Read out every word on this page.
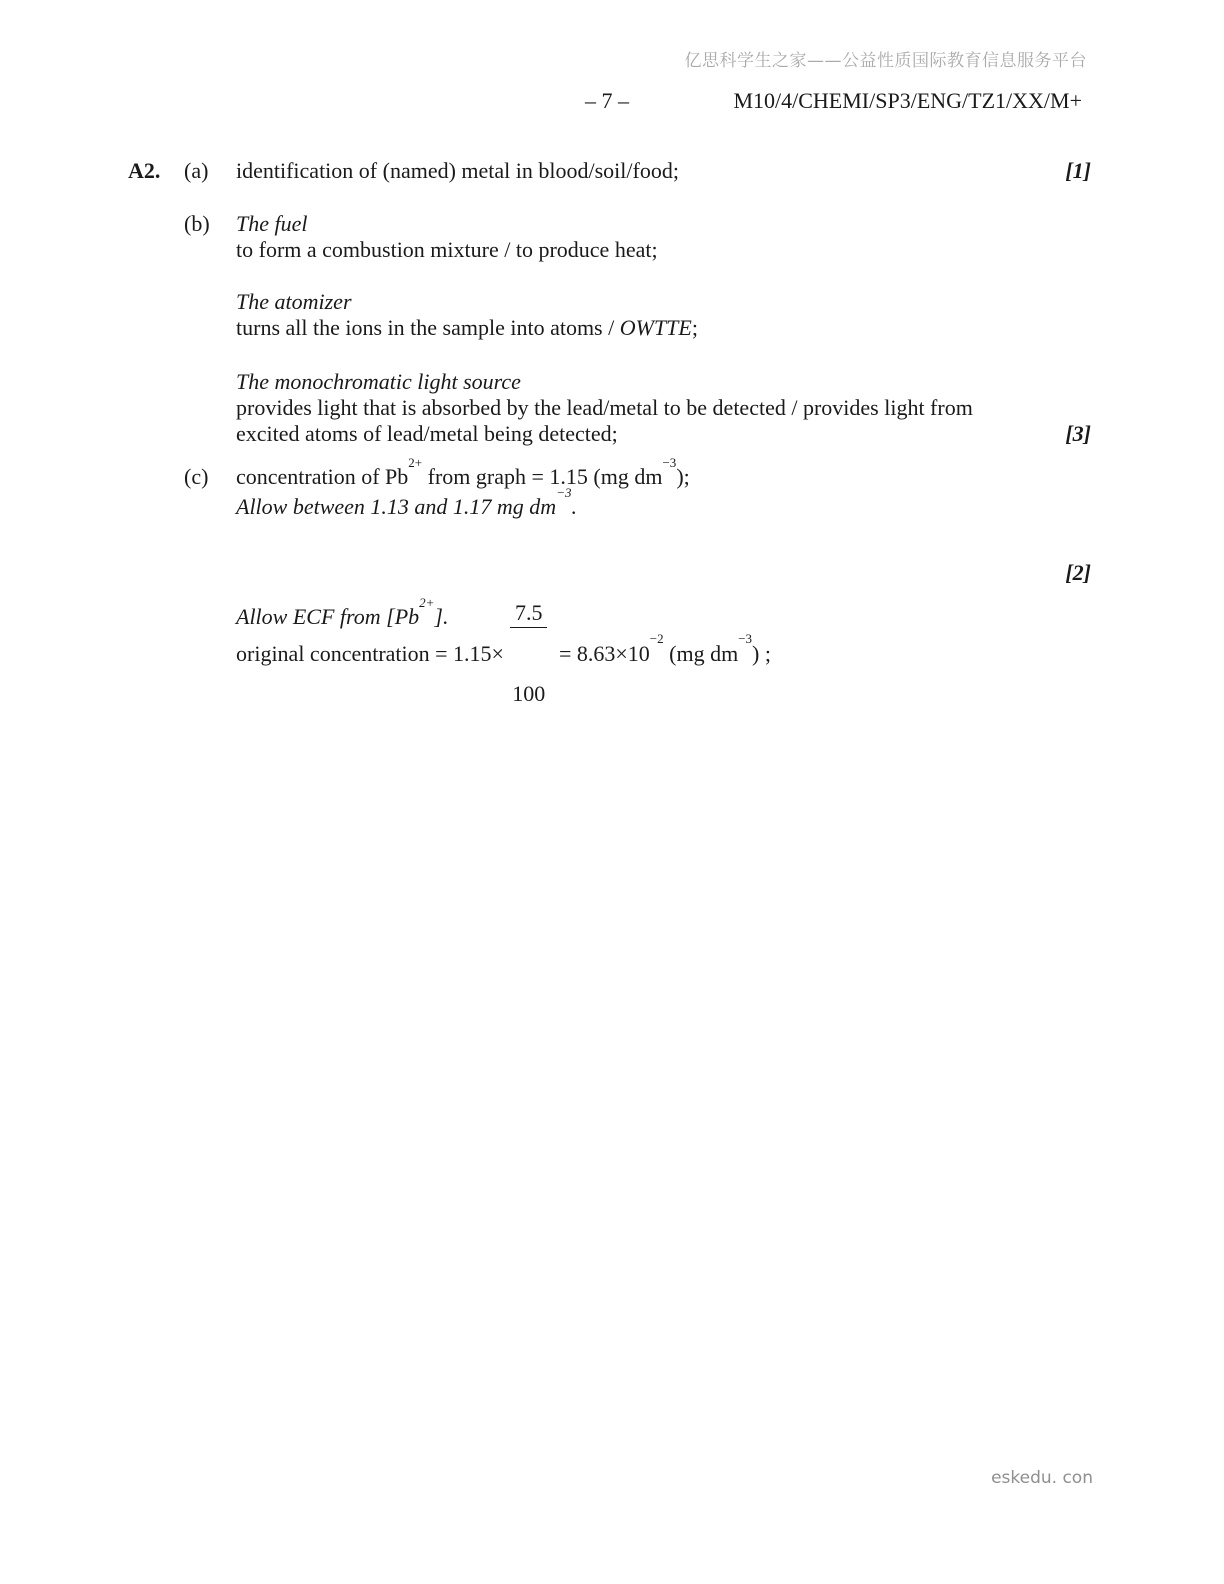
亿思科学生之家——公益性质国际教育信息服务平台
– 7 –	M10/4/CHEMI/SP3/ENG/TZ1/XX/M+
A2. (a) identification of (named) metal in blood/soil/food;	[1]
(b) The fuel
to form a combustion mixture / to produce heat;
The atomizer
turns all the ions in the sample into atoms / OWTTE;
The monochromatic light source
provides light that is absorbed by the lead/metal to be detected / provides light from
excited atoms of lead/metal being detected;	[3]
(c) concentration of $Pb^{2+}$ from graph = 1.15 (mg $dm^{-3}$);
Allow between 1.13 and 1.17 mg $dm^{-3}$.
original concentration = 1.15×

$\frac{7.5}{100}$

= $8.63\times 10^{-2}$ (mg $dm^{-3}$) ;
[2]
Allow ECF from $[Pb^{2+}]$.
eskedu. con
